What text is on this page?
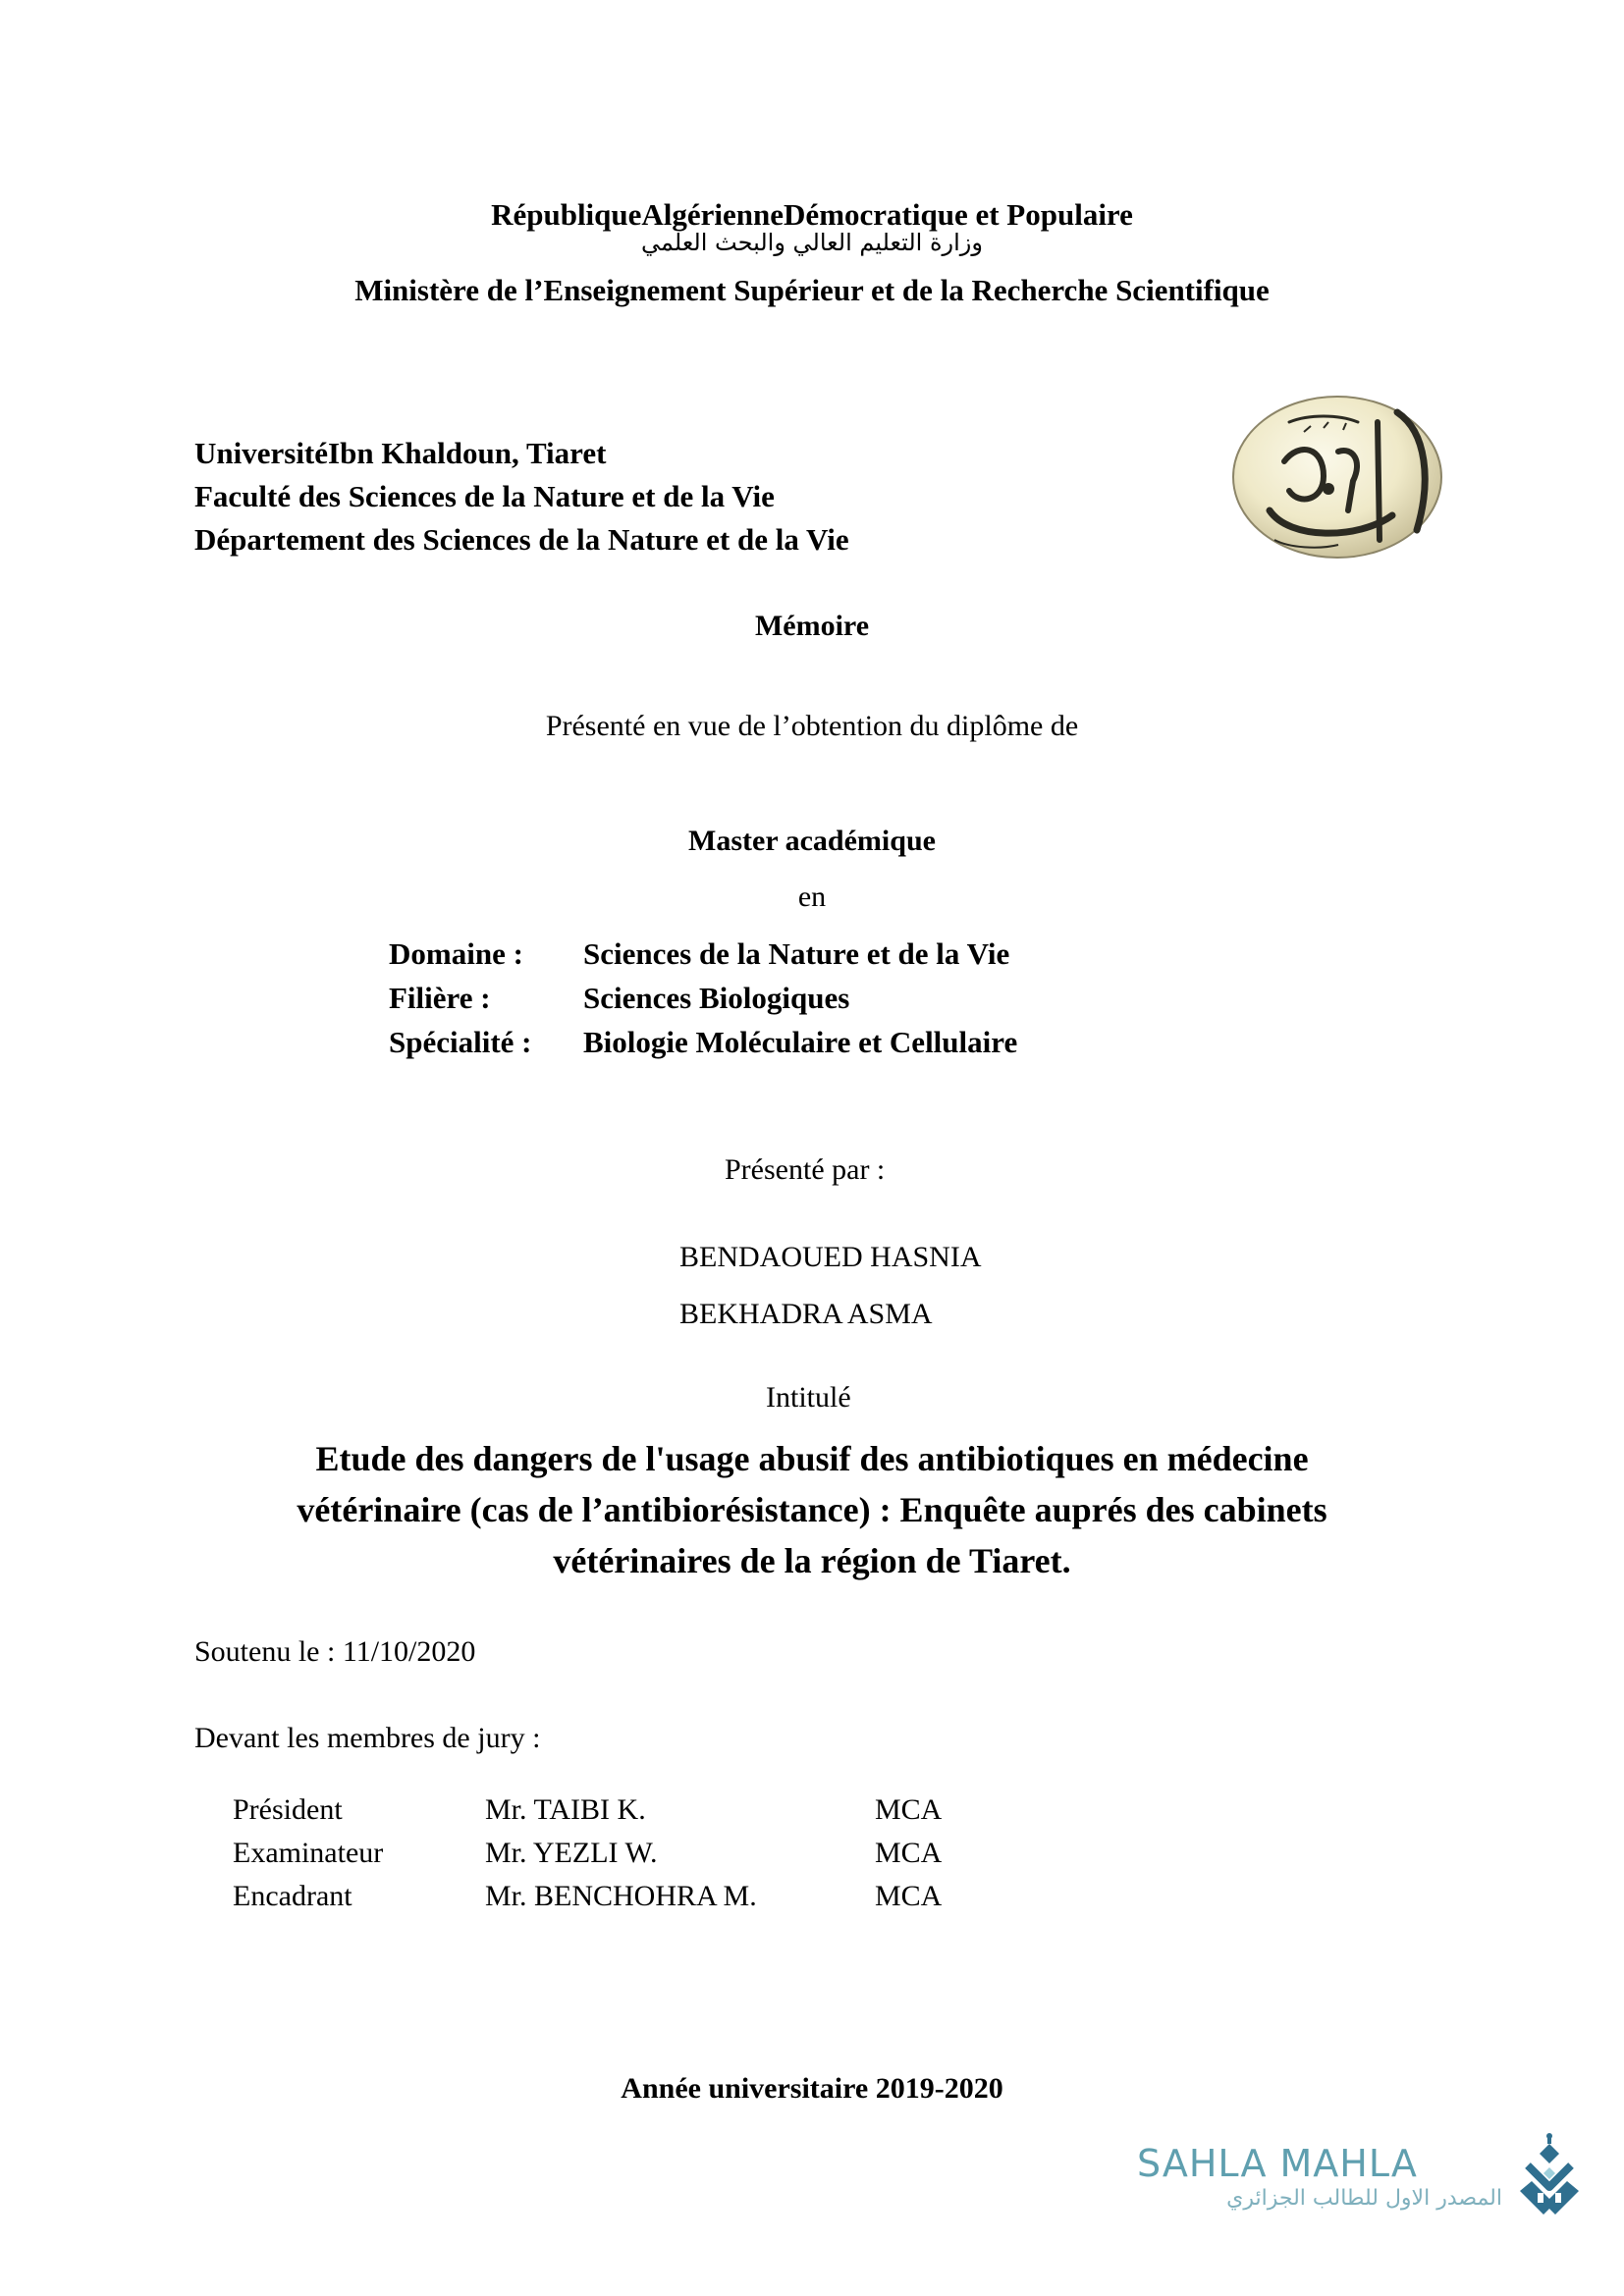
RépubliqueAlgérienneDémocratique et Populaire
وزارة التعليم العالي والبحث العلمي
Ministère de l’Enseignement Supérieur et de la Recherche Scientifique
UniversitéIbn Khaldoun, Tiaret
Faculté des Sciences de la Nature et de la Vie
Département des Sciences de la Nature et de la Vie
Mémoire
Présenté en vue de l’obtention du diplôme de
Master académique
en
Domaine : Sciences de la Nature et de la Vie
Filière :	Sciences Biologiques
Spécialité : Biologie Moléculaire et Cellulaire
Présenté par :
BENDAOUED HASNIA
BEKHADRA ASMA
Intitulé
Etude des dangers de l'usage abusif des antibiotiques en médecine
vétérinaire (cas de l’antibiorésistance) : Enquête auprés des cabinets
vétérinaires de la région de Tiaret.
Soutenu le : 11/10/2020
Devant les membres de jury :
Président	Mr. TAIBI K.	MCA
Examinateur	Mr. YEZLI W.	MCA
Encadrant	Mr. BENCHOHRA M.	MCA
Année universitaire 2019-2020
SAHLA MAHLA
المصدر الاول للطالب الجزائري
